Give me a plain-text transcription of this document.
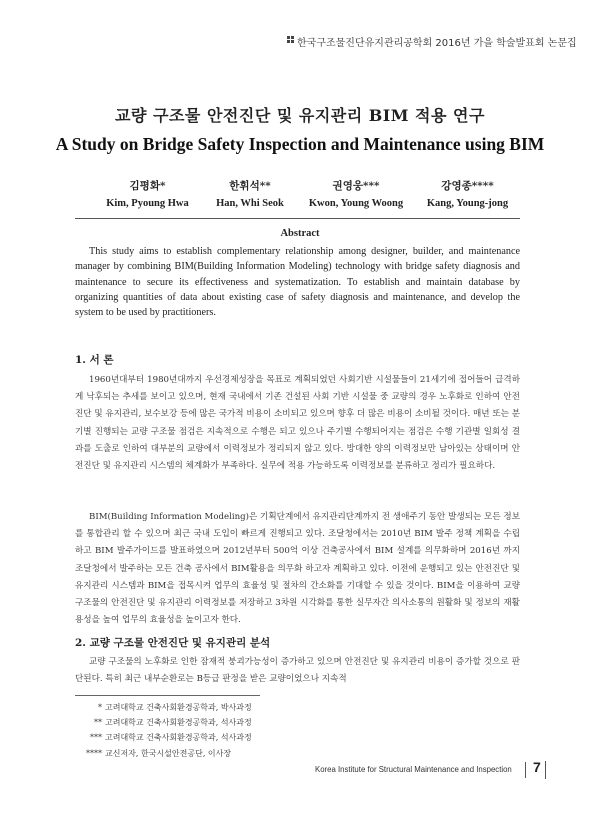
한국구조물진단유지관리공학회 2016년 가을 학술발표회 논문집
교량 구조물 안전진단 및 유지관리 BIM 적용 연구
A Study on Bridge Safety Inspection and Maintenance using BIM
김평화*
Kim, Pyoung Hwa
한휘석**
Han, Whi Seok
권영웅***
Kwon, Young Woong
강영종****
Kang, Young-jong
Abstract
This study aims to establish complementary relationship among designer, builder, and maintenance manager by combining BIM(Building Information Modeling) technology with bridge safety diagnosis and maintenance to secure its effectiveness and systematization. To establish and maintain database by organizing quantities of data about existing case of safety diagnosis and maintenance, and develop the system to be used by practitioners.
1. 서 론
1960년대부터 1980년대까지 우선경제성장을 목표로 계획되었던 사회기반 시설물들이 21세기에 접어들어 급격하게 낙후되는 추세를 보이고 있으며, 현재 국내에서 기존 건설된 사회 기반 시설물 중 교량의 경우 노후화로 인하여 안전진단 및 유지관리, 보수보강 등에 많은 국가적 비용이 소비되고 있으며 향후 더 많은 비용이 소비될 것이다. 매년 또는 분기별 진행되는 교량 구조물 점검은 지속적으로 수행은 되고 있으나 주기별 수행되어지는 점검은 수행 기관별 일회성 결과를 도출로 인하여 대부분의 교량에서 이력정보가 정리되지 않고 있다. 방대한 양의 이력정보만 남아있는 상태이며 안전진단 및 유지관리 시스템의 체계화가 부족하다. 실무에 적용 가능하도록 이력정보를 분류하고 정리가 필요하다.
BIM(Building Information Modeling)은 기획단계에서 유지관리단계까지 전 생애주기 동안 발생되는 모든 정보를 통합관리 할 수 있으며 최근 국내 도입이 빠르게 진행되고 있다. 조달청에서는 2010년 BIM 발주 정책 계획을 수립하고 BIM 발주가이드를 발표하였으며 2012년부터 500억 이상 건축공사에서 BIM 설계를 의무화하며 2016년 까지 조달청에서 발주하는 모든 건축 공사에서 BIM활용을 의무화 하고자 계획하고 있다. 이전에 운행되고 있는 안전진단 및 유지관리 시스템과 BIM을 접목시켜 업무의 효율성 및 절차의 간소화를 기대할 수 있을 것이다. BIM을 이용하여 교량 구조물의 안전진단 및 유지관리 이력정보를 저장하고 3차원 시각화를 통한 실무자간 의사소통의 원활화 및 정보의 재활용성을 높여 업무의 효율성을 높이고자 한다.
2. 교량 구조물 안전진단 및 유지관리 분석
교량 구조물의 노후화로 인한 잠재적 붕괴가능성이 증가하고 있으며 안전진단 및 유지관리 비용이 증가할 것으로 판단된다. 특히 최근 내부순환로는 B등급 판정을 받은 교량이었으나 지속적
* 고려대학교 건축사회환경공학과, 박사과정
** 고려대학교 건축사회환경공학과, 석사과정
*** 고려대학교 건축사회환경공학과, 석사과정
**** 교신저자, 한국시설안전공단, 이사장
Korea Institute for Structural Maintenance and Inspection 7
